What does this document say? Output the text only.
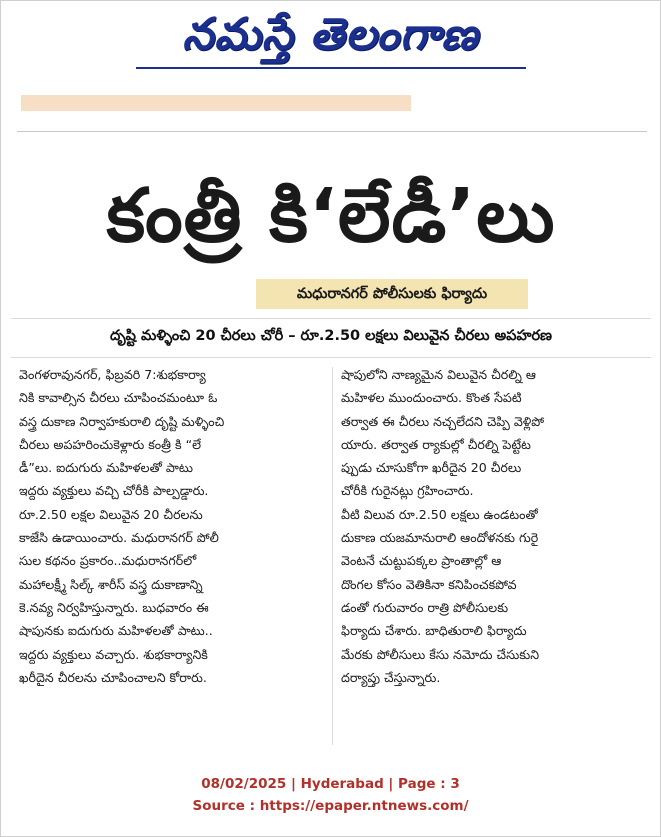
నమస్తే తెలంగాణ
కంత్రీ కి‘లేడీ’లు
మధురానగర్ పోలీసులకు ఫిర్యాదు
దృష్టి మళ్ళించి 20 చీరలు చోరీ – రూ.2.50 లక్షలు విలువైన చీరలు అపహరణ
వెంగళరావునగర్, ఫిబ్రవరి 7:శుభకార్యా
నికి కావాల్సిన చీరలు చూపించమంటూ ఓ
వస్త్ర దుకాణ నిర్వాహకురాలి దృష్టి మళ్ళించి
చీరలు అపహరించుకెళ్లారు కంత్రీ కి “లే
డీ”లు. ఐదుగురు మహిళలతో పాటు
ఇద్దరు వ్యక్తులు వచ్చి చోరీకి పాల్పడ్డారు.
రూ.2.50 లక్షల విలువైన 20 చీరలను
కాజేసి ఉడాయించారు. మధురానగర్ పోలీ
సుల కథనం ప్రకారం..మధురానగర్‌లో
మహాలక్ష్మీ సిల్క్ శారీస్ వస్త్ర దుకాణాన్ని
కె.నవ్య నిర్వహిస్తున్నారు. బుధవారం ఈ
షాపునకు ఐదుగురు మహిళలతో పాటు..
ఇద్దరు వ్యక్తులు వచ్చారు. శుభకార్యానికి
ఖరీదైన చీరలను చూపించాలని కోరారు.
షాపులోని నాణ్యమైన విలువైన చీరల్ని ఆ
మహిళల ముందుంచారు. కొంత సేపటి
తర్వాత ఈ చీరలు నచ్చలేదని చెప్పి వెళ్లిపో
యారు. తర్వాత ర్యాకుల్లో చీరల్ని పెట్టేట
ప్పుడు చూసుకోగా ఖరీదైన 20 చీరలు
చోరీకి గురైనట్లు గ్రహించారు.
వీటి విలువ రూ.2.50 లక్షలు ఉండటంతో
దుకాణ యజమానురాలి ఆందోళనకు గురై
వెంటనే చుట్టుపక్కల ప్రాంతాల్లో ఆ
దొంగల కోసం వెతికినా కనిపించకపోవ
డంతో గురువారం రాత్రి పోలీసులకు
ఫిర్యాదు చేశారు. బాధితురాలి ఫిర్యాదు
మేరకు పోలీసులు కేసు నమోదు చేసుకుని
దర్యాప్తు చేస్తున్నారు.
08/02/2025 | Hyderabad | Page : 3
Source : https://epaper.ntnews.com/
